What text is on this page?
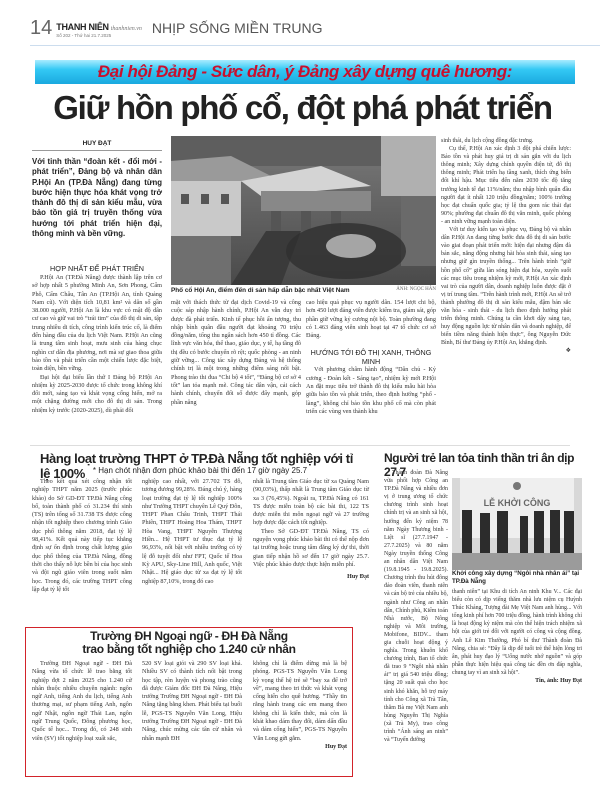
14 THANH NIÊN thanhnien.vn
Số 202 - Thứ hai 21.7.2025	NHỊP SỐNG MIỀN TRUNG
Đại hội Đảng - Sức dân, ý Đảng xây dựng quê hương:
Giữ hồn phố cổ, đột phá phát triển
HUY ĐẠT
Với tinh thần “đoàn kết - đổi mới - phát triển”, Đảng bộ và nhân dân P.Hội An (TP.Đà Nẵng) đang từng bước hiện thực hóa khát vọng trở thành đô thị di sản kiểu mẫu, vừa bảo tồn giá trị truyền thống vừa hướng tới phát triển hiện đại, thông minh và bền vững.
HỢP NHẤT ĐỂ PHÁT TRIỂN

P.Hội An (TP.Đà Nẵng) được thành lập trên cơ sở hợp nhất 5 phường Minh An, Sơn Phong, Cẩm Phô, Cẩm Châu, Tân An (TP.Hội An, tỉnh Quảng Nam cũ). Với diện tích 10,81 km² và dân số gần 38.000 người, P.Hội An là khu vực có mật độ dân cư cao và giữ vai trò “trái tim” của đô thị di sản, tập trung nhiều di tích, công trình kiến trúc cổ, là điểm đến hàng đầu của du lịch Việt Nam. P.Hội An cũng là trung tâm sinh hoạt, mưu sinh của hàng chục nghìn cư dân địa phương, nơi mà sự giao thoa giữa bảo tồn và phát triển cần một chiến lược đặc biệt, toàn diện, bền vững.

Đại hội đại biểu lần thứ I Đảng bộ P.Hội An nhiệm kỳ 2025-2030 được tổ chức trong không khí đổi mới, sáng tạo và khát vọng cống hiến, mở ra một chặng đường mới cho đô thị di sản. Trong nhiệm kỳ trước (2020-2025), dù phải đối

Phố cổ Hội An, điểm đến di sản hấp dẫn bậc nhất Việt Nam	ẢNH: NGỌC HÂN

mặt với thách thức từ đại dịch Covid-19 và công cuộc sáp nhập hành chính, P.Hội An vẫn duy trì được đà phát triển. Kinh tế phục hồi ấn tượng, thu nhập bình quân đầu người đạt khoảng 70 triệu đồng/năm, tổng thu ngân sách hơn 450 tỉ đồng. Các lĩnh vực văn hóa, thể thao, giáo dục, y tế, hạ tầng đô thị đều có bước chuyển rõ rệt; quốc phòng - an ninh giữ vững... Công tác xây dựng Đảng và hệ thống chính trị là một trong những điểm sáng nổi bật. Phong trào thi đua “Chi bộ 4 tốt”, “Đảng bộ cơ sở 4 tốt” lan tỏa mạnh mẽ. Công tác dân vận, cải cách hành chính, chuyển đổi số được đẩy mạnh, góp phần nâng

cao hiệu quả phục vụ người dân. 154 lượt chi bộ, hơn 450 lượt đảng viên được kiểm tra, giám sát, góp phần giữ vững kỷ cương nội bộ. Toàn phường đang có 1.463 đảng viên sinh hoạt tại 47 tổ chức cơ sở Đảng.

HƯỚNG TỚI ĐÔ THỊ XANH, THÔNG MINH

Với phương châm hành động “Dân chủ - Kỷ cương - Đoàn kết - Sáng tạo”, nhiệm kỳ mới P.Hội An đặt mục tiêu trở thành đô thị kiểu mẫu hài hòa giữa bảo tồn và phát triển, theo định hướng “phố - làng”, không chỉ bảo tồn khu phố cổ mà còn phát triển các vùng ven thành khu

sinh thái, du lịch cộng đồng đặc trưng.

Cụ thể, P.Hội An xác định 3 đột phá chiến lược: Bảo tồn và phát huy giá trị di sản gắn với du lịch thông minh; Xây dựng chính quyền điện tử, đô thị thông minh; Phát triển hạ tầng xanh, thích ứng biến đổi khí hậu. Mục tiêu đến năm 2030 tốc độ tăng trưởng kinh tế đạt 11%/năm; thu nhập bình quân đầu người đạt ít nhất 120 triệu đồng/năm; 100% trường học đạt chuẩn quốc gia; tỷ lệ thu gom rác thải đạt 90%; phường đạt chuẩn đô thị văn minh, quốc phòng - an ninh vững mạnh toàn diện.

Với tư duy kiến tạo và phục vụ, Đảng bộ và nhân dân P.Hội An đang từng bước đưa đô thị di sản bước vào giai đoạn phát triển mới: hiện đại nhưng đậm đà bản sắc, năng động nhưng hài hòa sinh thái, sáng tạo nhưng giữ gìn truyền thống... Trên hành trình “giữ hồn phố cổ” giữa làn sóng hiện đại hóa, xuyên suốt các mục tiêu trong nhiệm kỳ mới, P.Hội An xác định vai trò của người dân, doanh nghiệp luôn được đặt ở vị trí trung tâm. “Trên hành trình mới, P.Hội An sẽ trở thành phường đô thị di sản kiểu mẫu, đậm bản sắc văn hóa - sinh thái - du lịch theo định hướng phát triển thông minh. Chúng ta cần khơi dậy sáng tạo, huy động nguồn lực từ nhân dân và doanh nghiệp, để biến tiềm năng thành hiện thực”, ông Nguyễn Đức Bình, Bí thư Đảng ủy P.Hội An, khẳng định.

❖
Hàng loạt trường THPT ở TP.Đà Nẵng tốt nghiệp với tỉ lệ 100% * Hạn chót nhận đơn phúc khảo bài thi đến 17 giờ ngày 25.7

Theo kết quả xét công nhận tốt nghiệp THPT năm 2025 (trước phúc khảo) do Sở GD-ĐT TP.Đà Nẵng công bố, toàn thành phố có 31.234 thí sinh (TS) trên tổng số 31.738 TS được công nhận tốt nghiệp theo chương trình Giáo dục phổ thông năm 2018, đạt tỷ lệ 98,41%. Kết quả này tiếp tục khẳng định sự ổn định trong chất lượng giáo dục phổ thông của TP.Đà Nẵng, đồng thời cho thấy nỗ lực bền bỉ của học sinh và đội ngũ giáo viên trong suốt năm học. Trong đó, các trường THPT công lập đạt tỷ lệ tốt

nghiệp cao nhất, với 27.702 TS đỗ, tương đương 99,28%. Đáng chú ý, hàng loạt trường đạt tỷ lệ tốt nghiệp 100% như Trường THPT chuyên Lê Quý Đôn, THPT Phan Châu Trinh, THPT Thái Phiên, THPT Hoàng Hoa Thám, THPT Hòa Vang, THPT Nguyễn Thượng Hiền... Hệ THPT tư thục đạt tỷ lệ 96,93%, nổi bật với nhiều trường có tỷ lệ đỗ tuyệt đối như FPT, Quốc tế Hoa Kỳ APU, Sky-Line Hill, Anh quốc, Việt Nhật... Hệ giáo dục từ xa đạt tỷ lệ tốt nghiệp 87,10%, trong đó cao

nhất là Trung tâm Giáo dục từ xa Quảng Nam (90,03%), thấp nhất là Trung tâm Giáo dục từ xa 3 (76,45%). Ngoài ra, TP.Đà Nẵng có 161 TS được miễn toàn bộ các bài thi, 122 TS được miễn thi môn ngoại ngữ và 27 trường hợp được đặc cách tốt nghiệp.

Theo Sở GD-ĐT TP.Đà Nẵng, TS có nguyện vọng phúc khảo bài thi có thể nộp đơn tại trường hoặc trung tâm đăng ký dự thi, thời gian tiếp nhận hồ sơ đến 17 giờ ngày 25.7. Việc phúc khảo được thực hiện miễn phí.

Huy Đạt
Trường ĐH Ngoại ngữ - ĐH Đà Nẵng
trao bằng tốt nghiệp cho 1.240 cử nhân

Trường ĐH Ngoại ngữ - ĐH Đà Nẵng vừa tổ chức lễ trao bằng tốt nghiệp đợt 2 năm 2025 cho 1.240 cử nhân thuộc nhiều chuyên ngành: ngôn ngữ Anh, tiếng Anh du lịch, tiếng Anh thương mại, sư phạm tiếng Anh, ngôn ngữ Nhật, ngôn ngữ Thái Lan, ngôn ngữ Trung Quốc, Đông phương học, Quốc tế học... Trong đó, có 248 sinh viên (SV) tốt nghiệp loại xuất sắc,

520 SV loại giỏi và 290 SV loại khá. Nhiều SV có thành tích nổi bật trong học tập, rèn luyện và phong trào cũng đã được Giám đốc ĐH Đà Nẵng, Hiệu trưởng Trường ĐH Ngoại ngữ - ĐH Đà Nẵng tặng bằng khen. Phát biểu tại buổi lễ, PGS-TS Nguyễn Văn Long, Hiệu trưởng Trường ĐH Ngoại ngữ - ĐH Đà Nẵng, chúc mừng các tân cử nhân và nhấn mạnh ĐH

không chỉ là điểm dừng mà là bệ phóng. PGS-TS Nguyễn Văn Long kỳ vọng thế hệ trẻ sẽ “bay xa để trở về”, mang theo tri thức và khát vọng cống hiến cho quê hương. “Thầy tin rằng hành trang các em mang theo không chỉ là kiến thức, mà còn là khát khao dám thay đổi, dám dấn đầu và dám cống hiến”, PGS-TS Nguyễn Văn Long gửi gắm.

Huy Đạt
Người trẻ lan tỏa tinh thần tri ân dịp 27.7

Thành đoàn Đà Nẵng vừa phối hợp Công an TP.Đà Nẵng và nhiều đơn vị ở trung ương tổ chức chương trình sinh hoạt chính trị và an sinh xã hội, hướng đến kỷ niệm 78 năm Ngày Thương binh - Liệt sĩ (27.7.1947 - 27.7.2025) và 80 năm Ngày truyền thống Công an nhân dân Việt Nam (19.8.1945 - 19.8.2025). Chương trình thu hút đông đảo đoàn viên, thanh niên và cán bộ trẻ của nhiều bộ, ngành như Công an nhân dân, Chính phủ, Kiểm toán Nhà nước, Bộ Nông nghiệp và Môi trường, Mobifone, BIDV... tham gia chuỗi hoạt động ý nghĩa. Trong khuôn khổ chương trình, Ban tổ chức đã trao 9 “Ngôi nhà nhân ái” trị giá 540 triệu đồng; tặng 20 suất quà cho học sinh khó khăn, hỗ trợ máy tính cho Công xã Trà Tân, thăm Bà mẹ Việt Nam anh hùng Nguyễn Thị Nghĩa (xã Trà My), trao công trình “Ánh sáng an ninh” và “Tuyến đường

LỄ KHỞI CÔNG
Khởi công xây dựng “Ngôi nhà nhân ái” tại TP.Đà Nẵng

thanh niên” tại Khu di tích An ninh Khu V... Các đại biểu còn có dịp viếng thăm nhà lưu niệm cụ Huỳnh Thúc Kháng, Tượng đài Mẹ Việt Nam anh hùng... Với tổng kinh phí hơn 700 triệu đồng, hành trình không chỉ là hoạt động kỷ niệm mà còn thể hiện trách nhiệm xã hội của giới trẻ đối với người có công và cộng đồng. Anh Lê Kim Thường, Phó bí thư Thành đoàn Đà Nẵng, chia sẻ: “Đây là dịp để tuổi trẻ thể hiện lòng tri ân, phát huy đạo lý “Uống nước nhớ nguồn” và góp phần thực hiện hiệu quả công tác đền ơn đáp nghĩa, chung tay vì an sinh xã hội”.

Tin, ảnh: Huy Đạt
